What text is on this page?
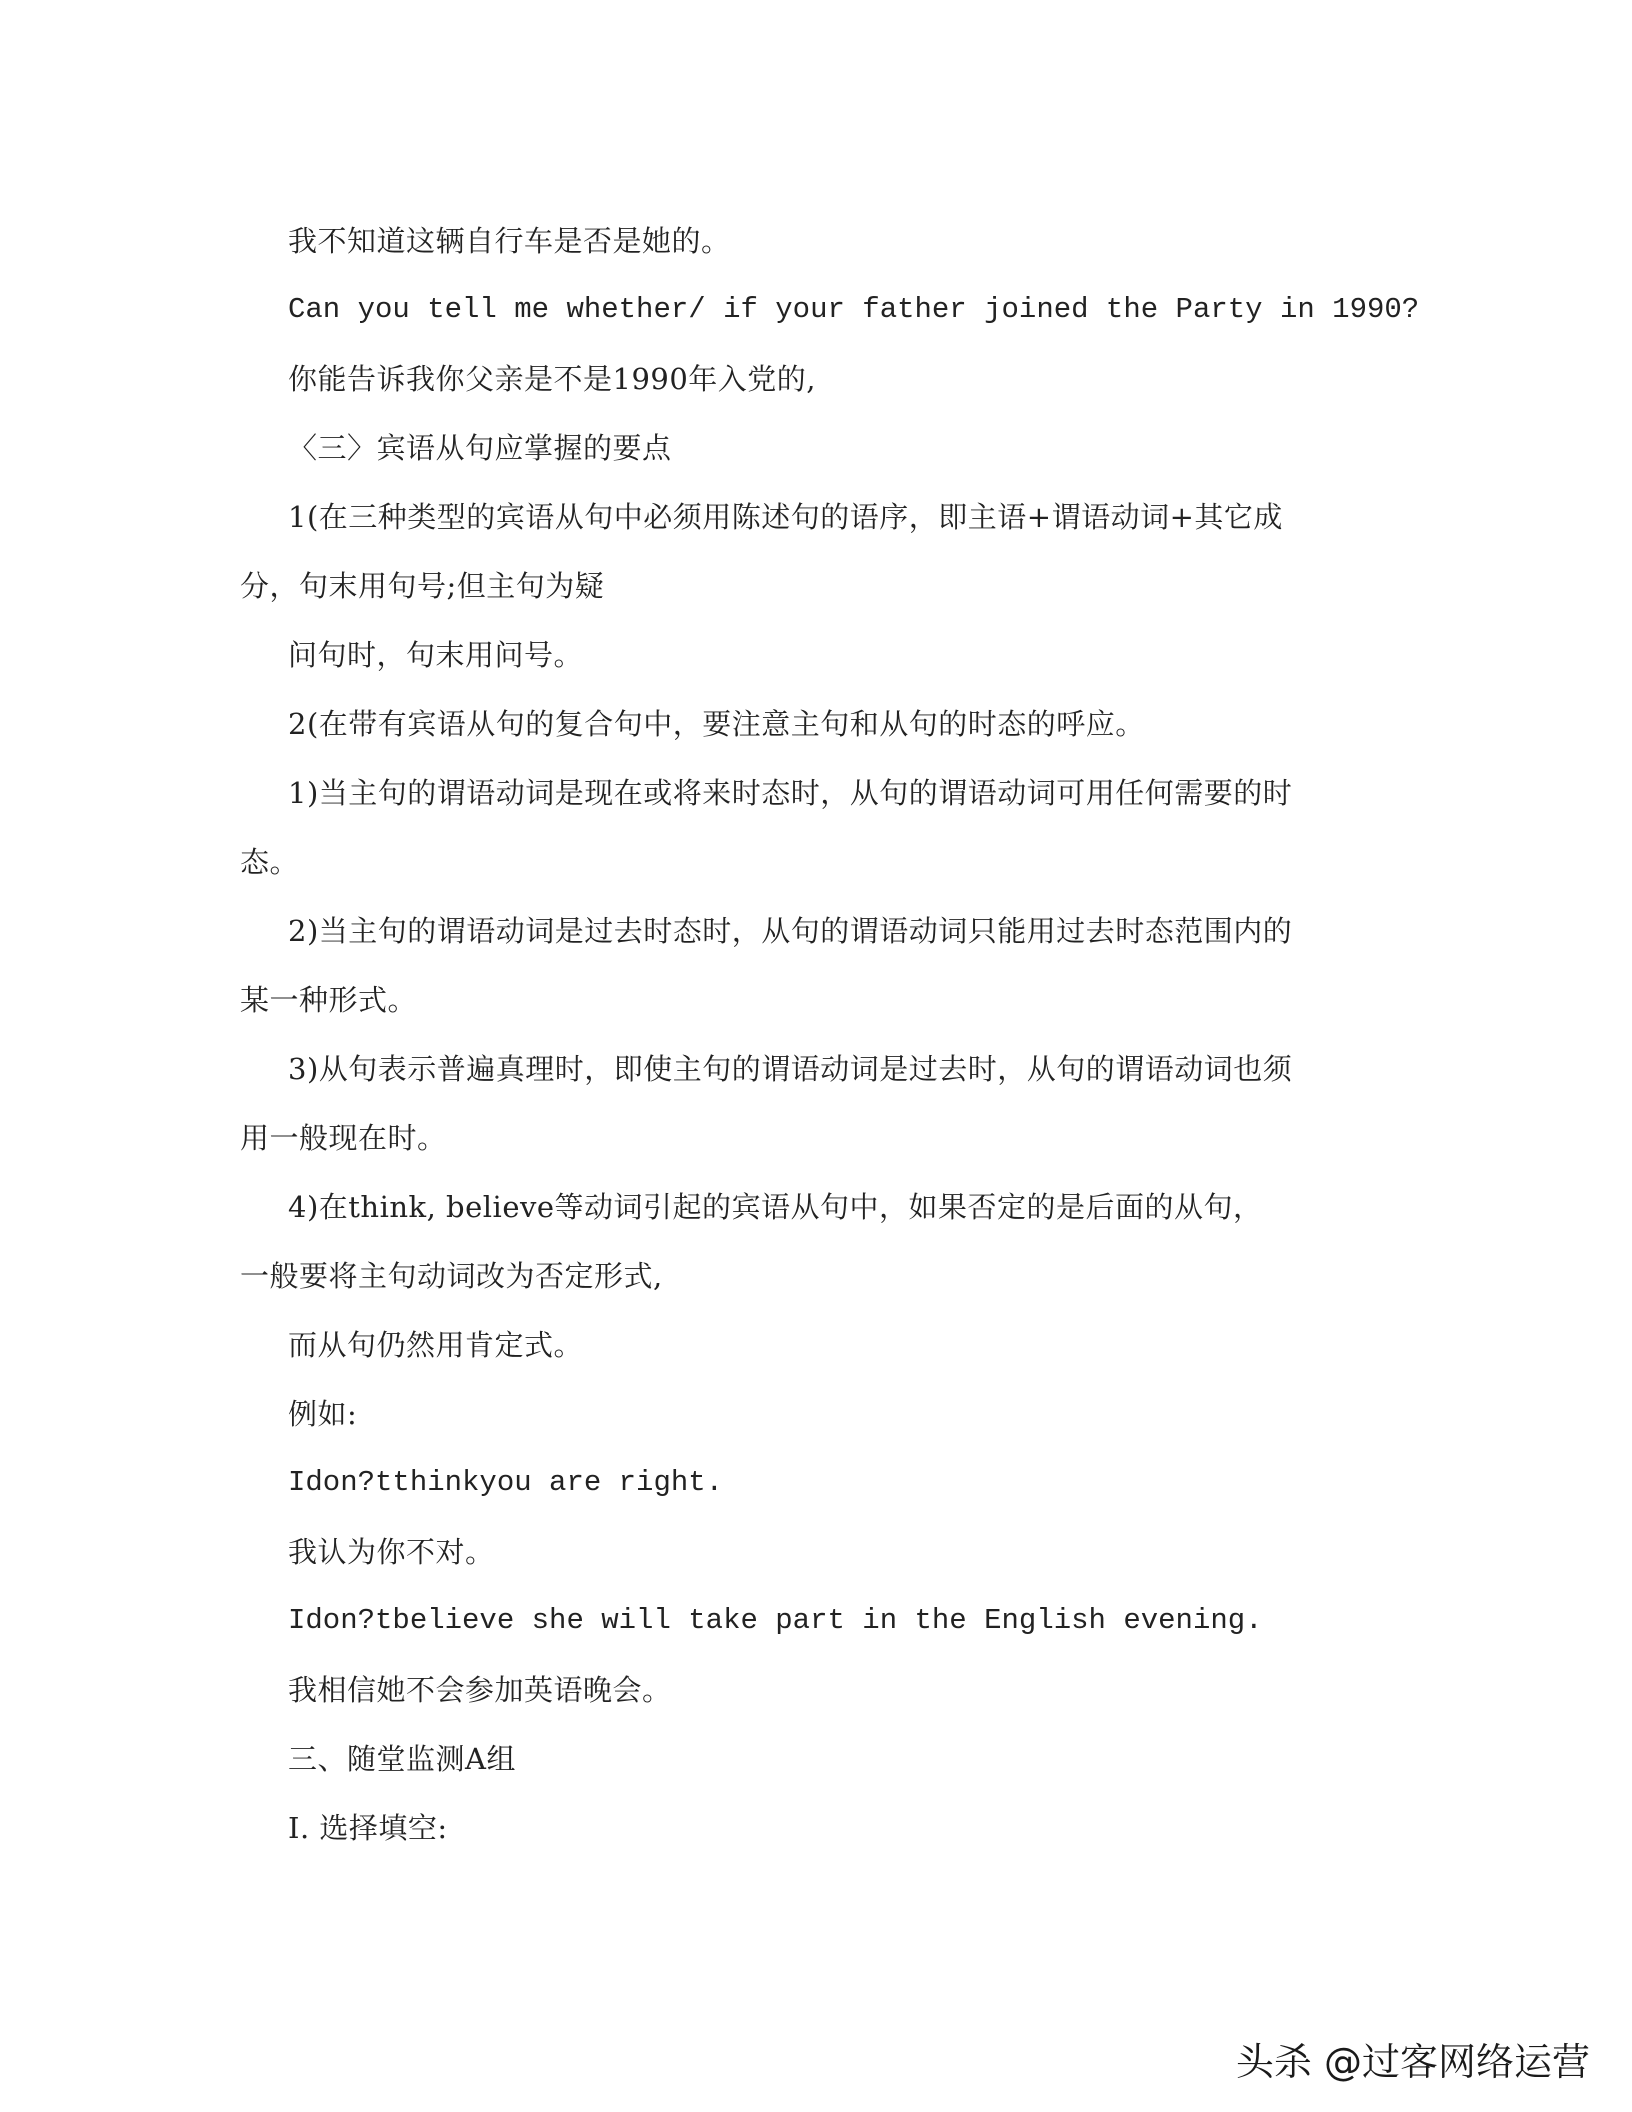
我不知道这辆自行车是否是她的。
Can you tell me whether/ if your father joined the Party in 1990?
你能告诉我你父亲是不是1990年入党的,
〈三〉宾语从句应掌握的要点
1(在三种类型的宾语从句中必须用陈述句的语序，即主语+谓语动词+其它成
分，句末用句号;但主句为疑
问句时，句末用问号。
2(在带有宾语从句的复合句中，要注意主句和从句的时态的呼应。
1)当主句的谓语动词是现在或将来时态时，从句的谓语动词可用任何需要的时
态。
2)当主句的谓语动词是过去时态时，从句的谓语动词只能用过去时态范围内的
某一种形式。
3)从句表示普遍真理时，即使主句的谓语动词是过去时，从句的谓语动词也须
用一般现在时。
4)在think, believe等动词引起的宾语从句中，如果否定的是后面的从句，
一般要将主句动词改为否定形式,
而从句仍然用肯定式。
例如:
Idon?tthinkyou are right.
我认为你不对。
Idon?tbelieve she will take part in the English evening.
我相信她不会参加英语晚会。
三、随堂监测A组
I. 选择填空:
头杀 @过客网络运营
